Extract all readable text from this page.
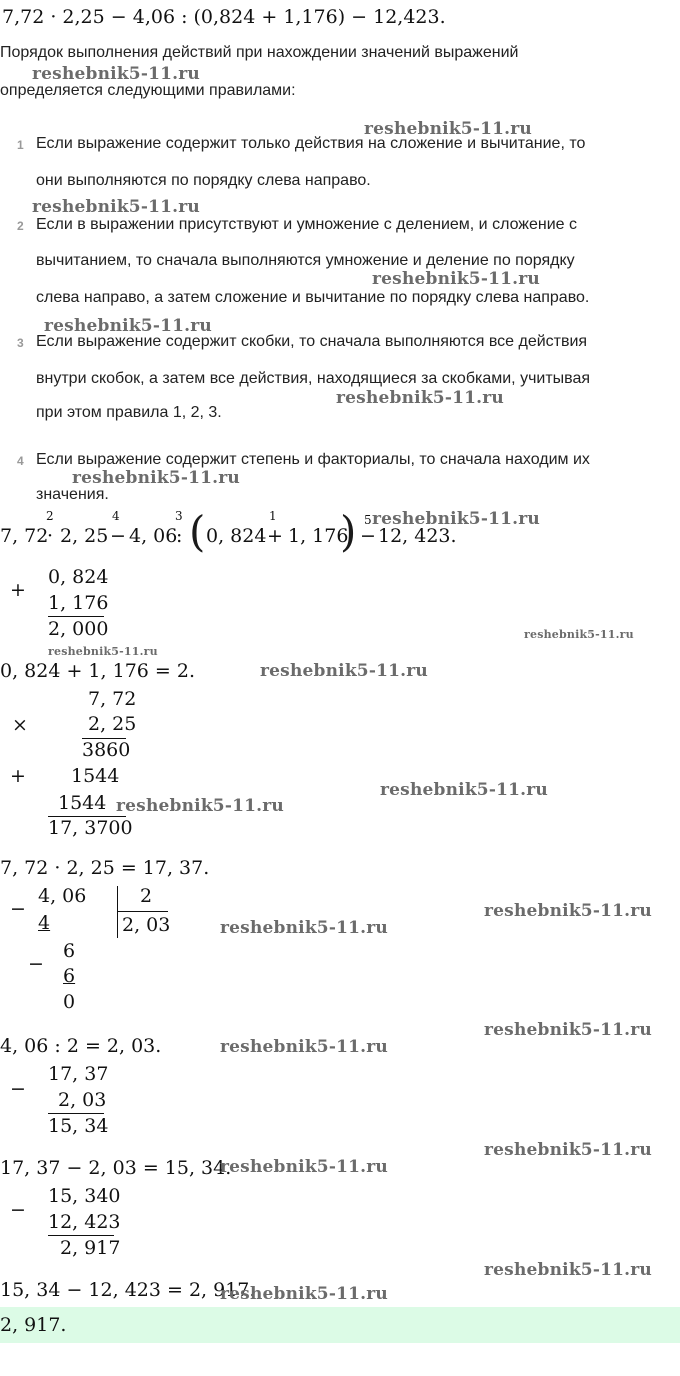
7,72 · 2,25 − 4,06 : (0,824 + 1,176) − 12,423.
Порядок выполнения действий при нахождении значений выражений
определяется следующими правилами:
1 Если выражение содержит только действия на сложение и вычитание, то
они выполняются по порядку слева направо.
2 Если в выражении присутствуют и умножение с делением, и сложение с
вычитанием, то сначала выполняются умножение и деление по порядку
слева направо, а затем сложение и вычитание по порядку слева направо.
3 Если выражение содержит скобки, то сначала выполняются все действия
внутри скобок, а затем все действия, находящиеся за скобками, учитывая
при этом правила 1, 2, 3.
4 Если выражение содержит степень и факториалы, то сначала находим их
значения.
7, 72
·
2
2, 25 −
4
4, 06
:
3 ( 0, 824 +
1
1, 176
) 5
− 12, 423.
+
0, 824
1, 176
2, 000
0, 824 + 1, 176 = 2.
7, 72
×	2, 25
3860
+ 1544
1544
17, 3700
7, 72 · 2, 25 = 17, 37.
−
4, 06
4
2
2, 03
−
6
6
0
4, 06 : 2 = 2, 03.
−
17, 37
2, 03
15, 34
17, 37 − 2, 03 = 15, 34.
−
15, 340
12, 423
2, 917
15, 34 − 12, 423 = 2, 917.
2, 917.
reshebnik5-11.ru
reshebnik5-11.ru
reshebnik5-11.ru
reshebnik5-11.ru
reshebnik5-11.ru
reshebnik5-11.ru
reshebnik5-11.ru
reshebnik5-11.ru
reshebnik5-11.ru
reshebnik5-11.ru
reshebnik5-11.ru
reshebnik5-11.ru
reshebnik5-11.ru
reshebnik5-11.ru
reshebnik5-11.ru
reshebnik5-11.ru
reshebnik5-11.ru
reshebnik5-11.ru
reshebnik5-11.ru
reshebnik5-11.ru
reshebnik5-11.ru
